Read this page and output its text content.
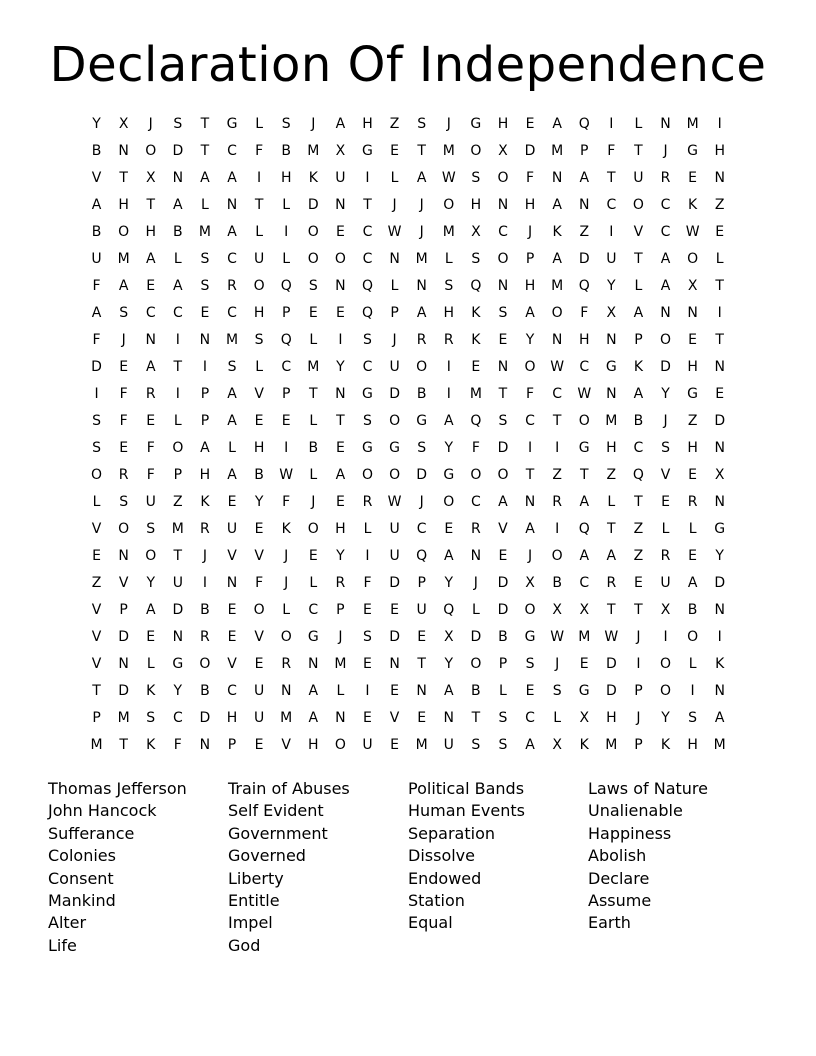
Declaration Of Independence
Y	X	J	S	T	G	L	S	J	A	H	Z	S	J	G	H	E	A	Q	I	L	N	M	I
B	N	O	D	T	C	F	B	M	X	G	E	T	M	O	X	D	M	P	F	T	J	G	H
V	T	X	N	A	A	I	H	K	U	I	L	A	W	S	O	F	N	A	T	U	R	E	N
A	H	T	A	L	N	T	L	D	N	T	J	J	O	H	N	H	A	N	C	O	C	K	Z
B	O	H	B	M	A	L	I	O	E	C	W	J	M	X	C	J	K	Z	I	V	C	W	E
U	M	A	L	S	C	U	L	O	O	C	N	M	L	S	O	P	A	D	U	T	A	O	L
F	A	E	A	S	R	O	Q	S	N	Q	L	N	S	Q	N	H	M	Q	Y	L	A	X	T
A	S	C	C	E	C	H	P	E	E	Q	P	A	H	K	S	A	O	F	X	A	N	N	I
F	J	N	I	N	M	S	Q	L	I	S	J	R	R	K	E	Y	N	H	N	P	O	E	T
D	E	A	T	I	S	L	C	M	Y	C	U	O	I	E	N	O	W	C	G	K	D	H	N
I	F	R	I	P	A	V	P	T	N	G	D	B	I	M	T	F	C	W	N	A	Y	G	E
S	F	E	L	P	A	E	E	L	T	S	O	G	A	Q	S	C	T	O	M	B	J	Z	D
S	E	F	O	A	L	H	I	B	E	G	G	S	Y	F	D	I	I	G	H	C	S	H	N
O	R	F	P	H	A	B	W	L	A	O	O	D	G	O	O	T	Z	T	Z	Q	V	E	X
L	S	U	Z	K	E	Y	F	J	E	R	W	J	O	C	A	N	R	A	L	T	E	R	N
V	O	S	M	R	U	E	K	O	H	L	U	C	E	R	V	A	I	Q	T	Z	L	L	G
E	N	O	T	J	V	V	J	E	Y	I	U	Q	A	N	E	J	O	A	A	Z	R	E	Y
Z	V	Y	U	I	N	F	J	L	R	F	D	P	Y	J	D	X	B	C	R	E	U	A	D
V	P	A	D	B	E	O	L	C	P	E	E	U	Q	L	D	O	X	X	T	T	X	B	N
V	D	E	N	R	E	V	O	G	J	S	D	E	X	D	B	G	W	M	W	J	I	O	I
V	N	L	G	O	V	E	R	N	M	E	N	T	Y	O	P	S	J	E	D	I	O	L	K
T	D	K	Y	B	C	U	N	A	L	I	E	N	A	B	L	E	S	G	D	P	O	I	N
P	M	S	C	D	H	U	M	A	N	E	V	E	N	T	S	C	L	X	H	J	Y	S	A
M	T	K	F	N	P	E	V	H	O	U	E	M	U	S	S	A	X	K	M	P	K	H	M
Thomas Jefferson
John Hancock
Sufferance
Colonies
Consent
Mankind
Alter
Life
Train of Abuses
Self Evident
Government
Governed
Liberty
Entitle
Impel
God
Political Bands
Human Events
Separation
Dissolve
Endowed
Station
Equal
Laws of Nature
Unalienable
Happiness
Abolish
Declare
Assume
Earth
